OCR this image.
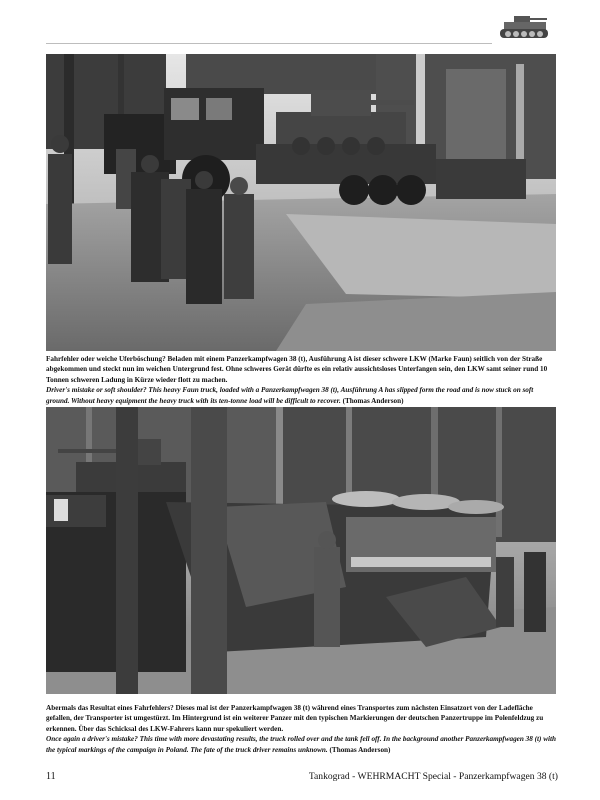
Fahrfehler oder weiche Uferböschung? Beladen mit einem Panzerkampfwagen 38 (t), Ausführung A ist dieser schwere LKW (Marke Faun) seitlich von der Straße abgekommen und steckt nun im weichen Untergrund fest. Ohne schweres Gerät dürfte es ein relativ aussichtsloses Unterfangen sein, den LKW samt seiner rund 10 Tonnen schweren Ladung in Kürze wieder flott zu machen.
Driver's mistake or soft shoulder? This heavy Faun truck, loaded with a Panzerkampfwagen 38 (t), Ausführung A has slipped form the road and is now stuck on soft ground. Without heavy equipment the heavy truck with its ten-tonne load will be difficult to recover. (Thomas Anderson)

Abermals das Resultat eines Fahrfehlers? Dieses mal ist der Panzerkampfwagen 38 (t) während eines Transportes zum nächsten Einsatzort von der Ladefläche gefallen, der Transporter ist umgestürzt. Im Hintergrund ist ein weiterer Panzer mit den typischen Markierungen der deutschen Panzertruppe im Polenfeldzug zu erkennen. Über das Schicksal des LKW-Fahrers kann nur spekuliert werden.
Once again a driver's mistake? This time with more devastating results, the truck rolled over and the tank fell off. In the background another Panzerkampfwagen 38 (t) with the typical markings of the campaign in Poland. The fate of the truck driver remains unknown. (Thomas Anderson)

11	Tankograd - WEHRMACHT Special - Panzerkampfwagen 38 (t)
